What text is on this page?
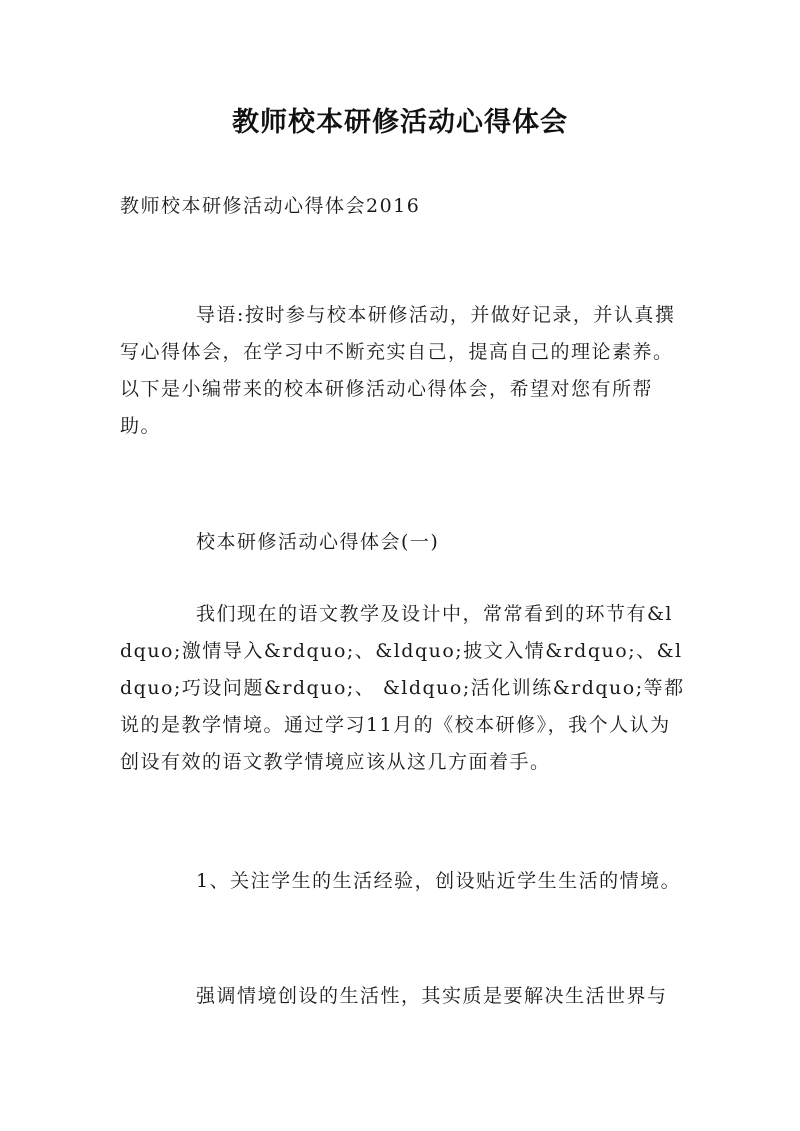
教师校本研修活动心得体会

教师校本研修活动心得体会2016

导语:按时参与校本研修活动，并做好记录，并认真撰写心得体会，在学习中不断充实自己，提高自己的理论素养。以下是小编带来的校本研修活动心得体会，希望对您有所帮助。

校本研修活动心得体会(一)

我们现在的语文教学及设计中，常常看到的环节有&ldquo;激情导入&rdquo;、&ldquo;披文入情&rdquo;、&ldquo;巧设问题&rdquo;、 &ldquo;活化训练&rdquo;等都说的是教学情境。通过学习11月的《校本研修》，我个人认为创设有效的语文教学情境应该从这几方面着手。

1、关注学生的生活经验，创设贴近学生生活的情境。

强调情境创设的生活性，其实质是要解决生活世界与
